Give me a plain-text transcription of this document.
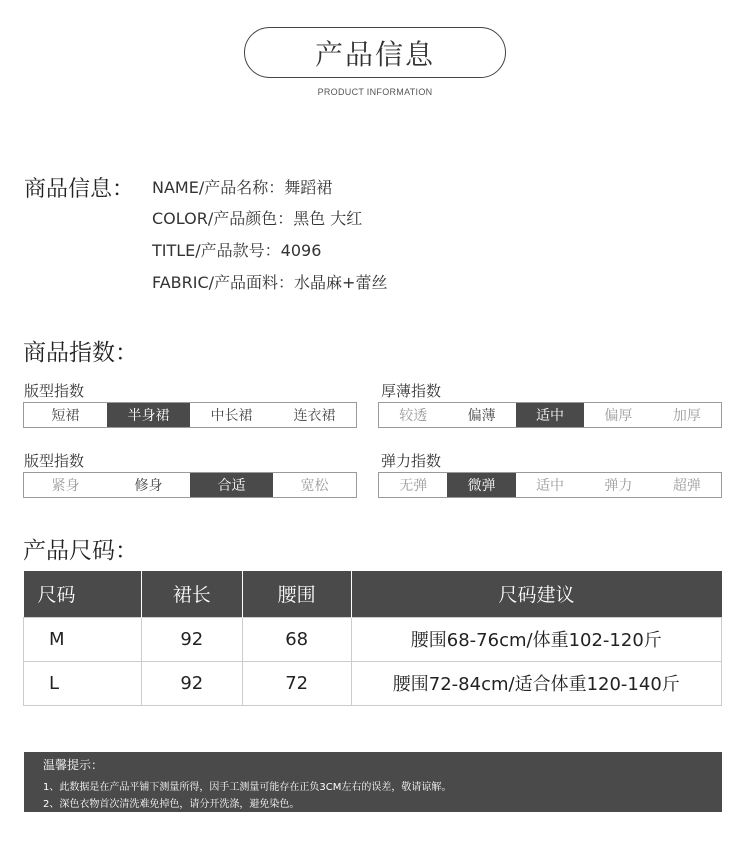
产品信息
PRODUCT INFORMATION
商品信息： NAME/产品名称：舞蹈裙
COLOR/产品颜色：黑色 大红
TITLE/产品款号：4096
FABRIC/产品面料：水晶麻+蕾丝
商品指数：
版型指数
短裙	半身裙	中长裙	连衣裙
厚薄指数
较透	偏薄	适中	偏厚	加厚
版型指数
紧身	修身	合适	宽松
弹力指数
无弹	微弹	适中	弹力	超弹
产品尺码：
尺码	裙长	腰围	尺码建议
M	92	68	腰围68-76cm/体重102-120斤
L	92	72	腰围72-84cm/适合体重120-140斤
温馨提示：
1、此数据是在产品平铺下测量所得，因手工测量可能存在正负3CM左右的误差，敬请谅解。
2、深色衣物首次清洗难免掉色，请分开洗涤，避免染色。
